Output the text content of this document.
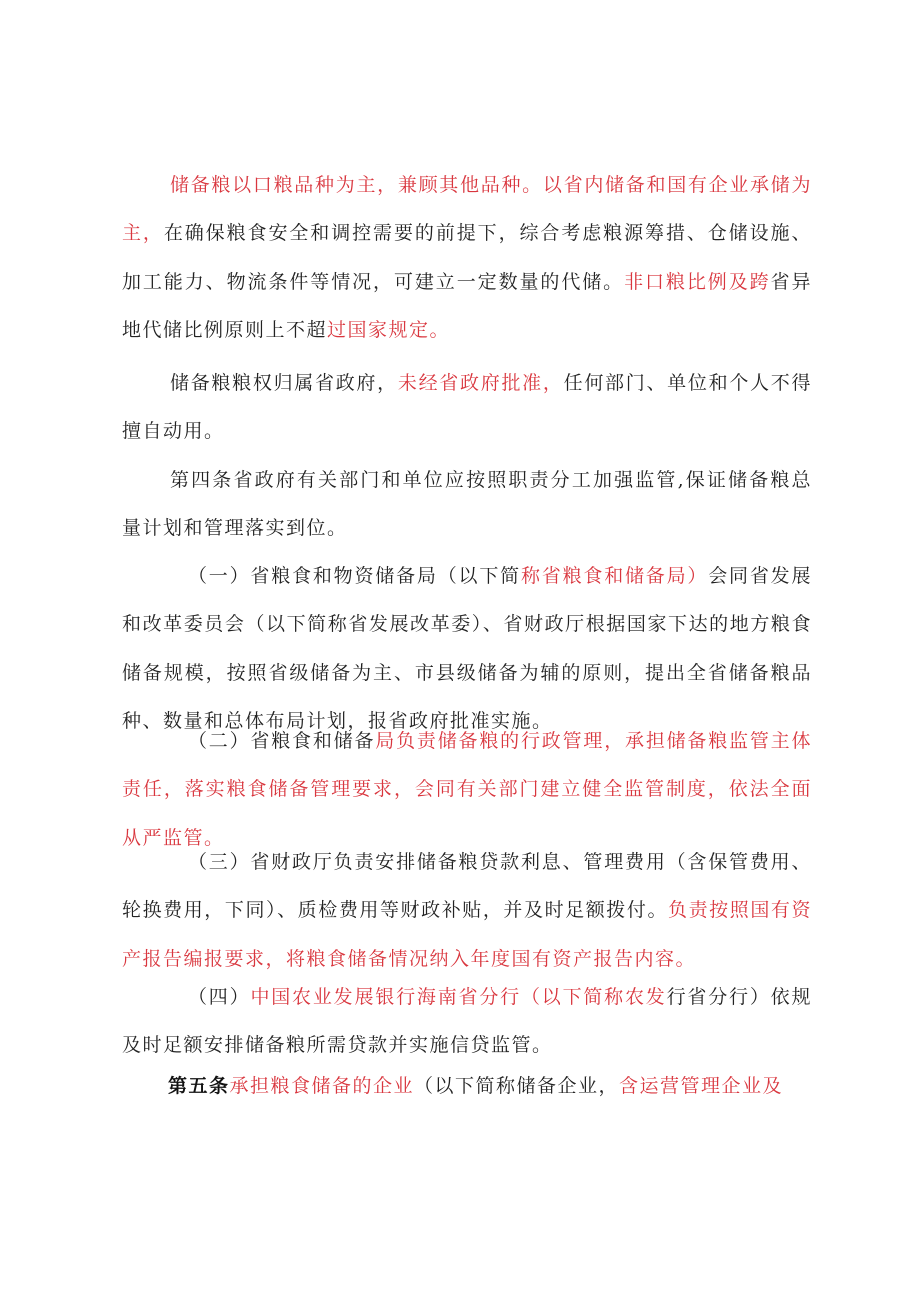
储备粮以口粮品种为主，兼顾其他品种。以省内储备和国有企业承储为主，在确保粮食安全和调控需要的前提下，综合考虑粮源筹措、仓储设施、加工能力、物流条件等情况，可建立一定数量的代储。非口粮比例及跨省异地代储比例原则上不超过国家规定。

储备粮粮权归属省政府，未经省政府批准，任何部门、单位和个人不得擅自动用。

第四条省政府有关部门和单位应按照职责分工加强监管,保证储备粮总量计划和管理落实到位。

（一）省粮食和物资储备局（以下简称省粮食和储备局）会同省发展和改革委员会（以下简称省发展改革委）、省财政厅根据国家下达的地方粮食储备规模，按照省级储备为主、市县级储备为辅的原则，提出全省储备粮品种、数量和总体布局计划，报省政府批准实施。

（二）省粮食和储备局负责储备粮的行政管理，承担储备粮监管主体责任，落实粮食储备管理要求，会同有关部门建立健全监管制度，依法全面从严监管。

（三）省财政厅负责安排储备粮贷款利息、管理费用（含保管费用、轮换费用，下同）、质检费用等财政补贴，并及时足额拨付。负责按照国有资产报告编报要求，将粮食储备情况纳入年度国有资产报告内容。

（四）中国农业发展银行海南省分行（以下简称农发行省分行）依规及时足额安排储备粮所需贷款并实施信贷监管。

第五条承担粮食储备的企业（以下简称储备企业，含运营管理企业及
